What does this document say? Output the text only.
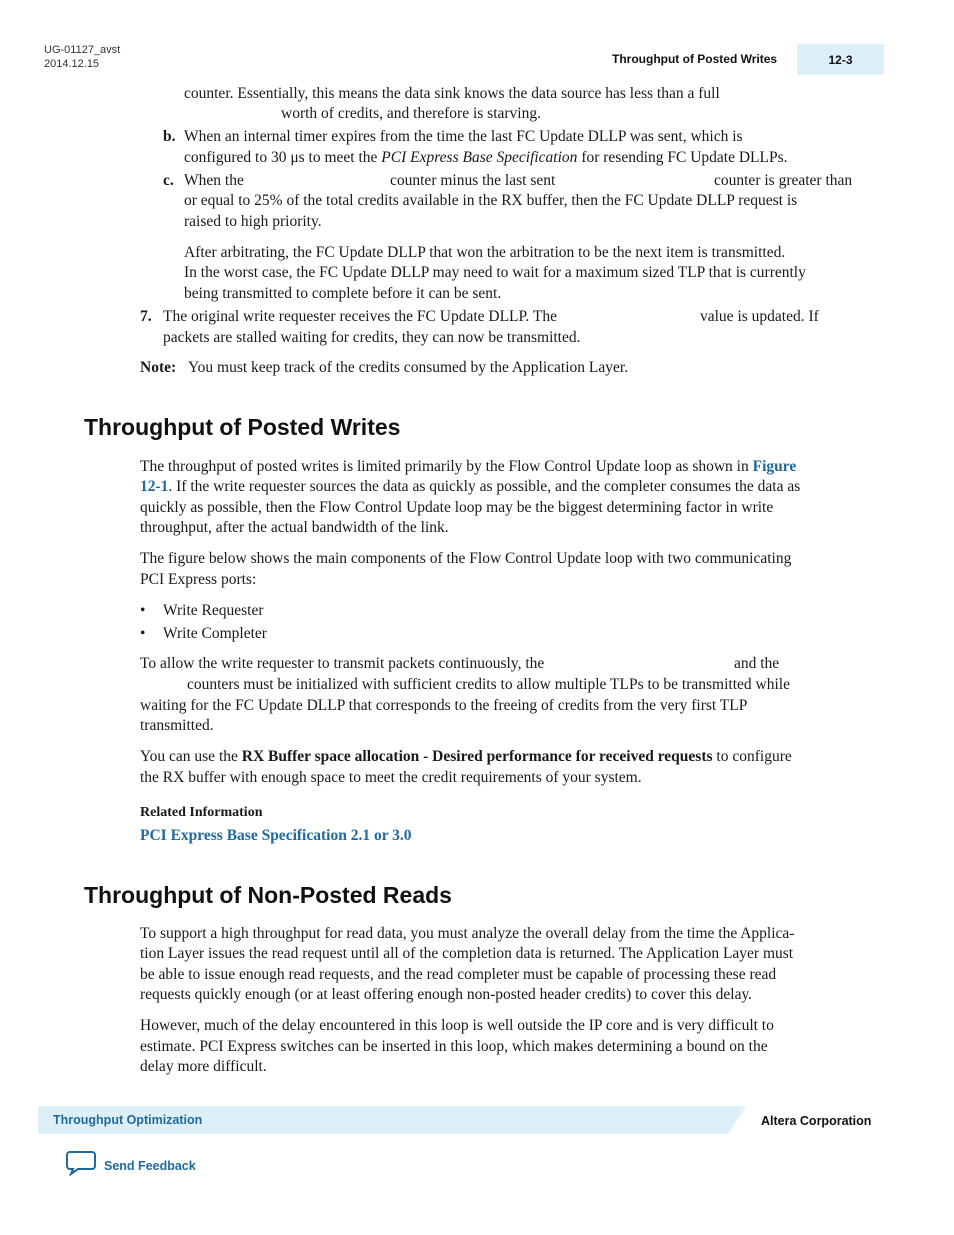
UG-01127_avst
2014.12.15	Throughput of Posted Writes	12-3
counter. Essentially, this means the data sink knows the data source has less than a full
worth of credits, and therefore is starving.
b. When an internal timer expires from the time the last FC Update DLLP was sent, which is
configured to 30 μs to meet the PCI Express Base Specification for resending FC Update DLLPs.
c. When the	counter minus the last sent	counter is greater than
or equal to 25% of the total credits available in the RX buffer, then the FC Update DLLP request is
raised to high priority.
After arbitrating, the FC Update DLLP that won the arbitration to be the next item is transmitted.
In the worst case, the FC Update DLLP may need to wait for a maximum sized TLP that is currently
being transmitted to complete before it can be sent.
7. The original write requester receives the FC Update DLLP. The	value is updated. If
packets are stalled waiting for credits, they can now be transmitted.
Note: You must keep track of the credits consumed by the Application Layer.
Throughput of Posted Writes
The throughput of posted writes is limited primarily by the Flow Control Update loop as shown in Figure
12-1. If the write requester sources the data as quickly as possible, and the completer consumes the data as
quickly as possible, then the Flow Control Update loop may be the biggest determining factor in write
throughput, after the actual bandwidth of the link.
The figure below shows the main components of the Flow Control Update loop with two communicating
PCI Express ports:
• Write Requester
• Write Completer
To allow the write requester to transmit packets continuously, the	and the
counters must be initialized with sufficient credits to allow multiple TLPs to be transmitted while
waiting for the FC Update DLLP that corresponds to the freeing of credits from the very first TLP
transmitted.
You can use the RX Buffer space allocation - Desired performance for received requests to configure
the RX buffer with enough space to meet the credit requirements of your system.
Related Information
PCI Express Base Specification 2.1 or 3.0
Throughput of Non-Posted Reads
To support a high throughput for read data, you must analyze the overall delay from the time the Applica-
tion Layer issues the read request until all of the completion data is returned. The Application Layer must
be able to issue enough read requests, and the read completer must be capable of processing these read
requests quickly enough (or at least offering enough non-posted header credits) to cover this delay.
However, much of the delay encountered in this loop is well outside the IP core and is very difficult to
estimate. PCI Express switches can be inserted in this loop, which makes determining a bound on the
delay more difficult.
Throughput Optimization	Altera Corporation
Send Feedback
